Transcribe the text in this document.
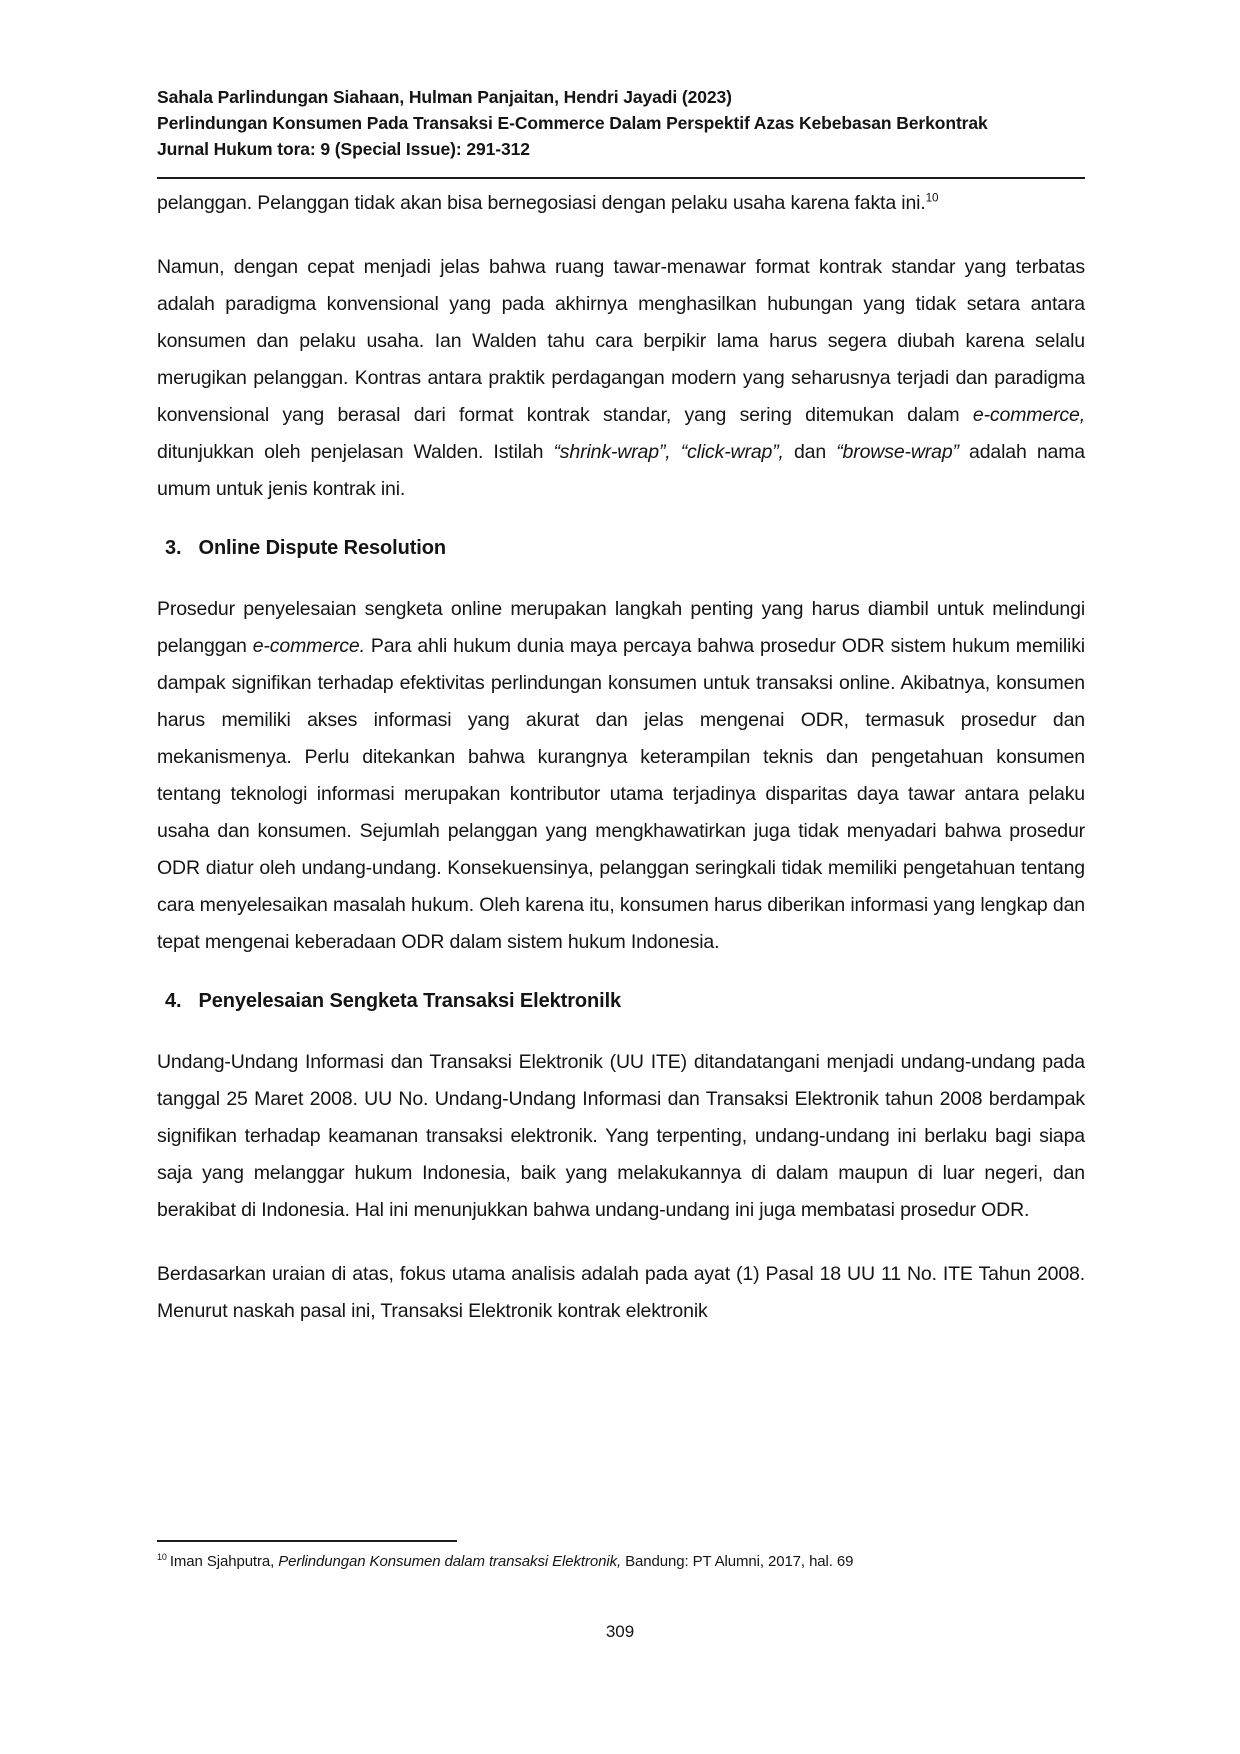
Sahala Parlindungan Siahaan, Hulman Panjaitan, Hendri Jayadi (2023)
Perlindungan Konsumen Pada Transaksi E-Commerce Dalam Perspektif Azas Kebebasan Berkontrak
Jurnal Hukum tora: 9 (Special Issue): 291-312

pelanggan. Pelanggan tidak akan bisa bernegosiasi dengan pelaku usaha karena fakta ini.$^{10}$

Namun, dengan cepat menjadi jelas bahwa ruang tawar-menawar format kontrak standar yang terbatas adalah paradigma konvensional yang pada akhirnya menghasilkan hubungan yang tidak setara antara konsumen dan pelaku usaha. Ian Walden tahu cara berpikir lama harus segera diubah karena selalu merugikan pelanggan. Kontras antara praktik perdagangan modern yang seharusnya terjadi dan paradigma konvensional yang berasal dari format kontrak standar, yang sering ditemukan dalam e-commerce, ditunjukkan oleh penjelasan Walden. Istilah “shrink-wrap”, “click-wrap”, dan “browse-wrap” adalah nama umum untuk jenis kontrak ini.

3. Online Dispute Resolution

Prosedur penyelesaian sengketa online merupakan langkah penting yang harus diambil untuk melindungi pelanggan e-commerce. Para ahli hukum dunia maya percaya bahwa prosedur ODR sistem hukum memiliki dampak signifikan terhadap efektivitas perlindungan konsumen untuk transaksi online. Akibatnya, konsumen harus memiliki akses informasi yang akurat dan jelas mengenai ODR, termasuk prosedur dan mekanismenya. Perlu ditekankan bahwa kurangnya keterampilan teknis dan pengetahuan konsumen tentang teknologi informasi merupakan kontributor utama terjadinya disparitas daya tawar antara pelaku usaha dan konsumen. Sejumlah pelanggan yang mengkhawatirkan juga tidak menyadari bahwa prosedur ODR diatur oleh undang-undang. Konsekuensinya, pelanggan seringkali tidak memiliki pengetahuan tentang cara menyelesaikan masalah hukum. Oleh karena itu, konsumen harus diberikan informasi yang lengkap dan tepat mengenai keberadaan ODR dalam sistem hukum Indonesia.

4. Penyelesaian Sengketa Transaksi Elektronilk

Undang-Undang Informasi dan Transaksi Elektronik (UU ITE) ditandatangani menjadi undang-undang pada tanggal 25 Maret 2008. UU No. Undang-Undang Informasi dan Transaksi Elektronik tahun 2008 berdampak signifikan terhadap keamanan transaksi elektronik. Yang terpenting, undang-undang ini berlaku bagi siapa saja yang melanggar hukum Indonesia, baik yang melakukannya di dalam maupun di luar negeri, dan berakibat di Indonesia. Hal ini menunjukkan bahwa undang-undang ini juga membatasi prosedur ODR.

Berdasarkan uraian di atas, fokus utama analisis adalah pada ayat (1) Pasal 18 UU 11 No. ITE Tahun 2008. Menurut naskah pasal ini, Transaksi Elektronik kontrak elektronik

$^{10}$ Iman Sjahputra, Perlindungan Konsumen dalam transaksi Elektronik, Bandung: PT Alumni, 2017, hal. 69
309
